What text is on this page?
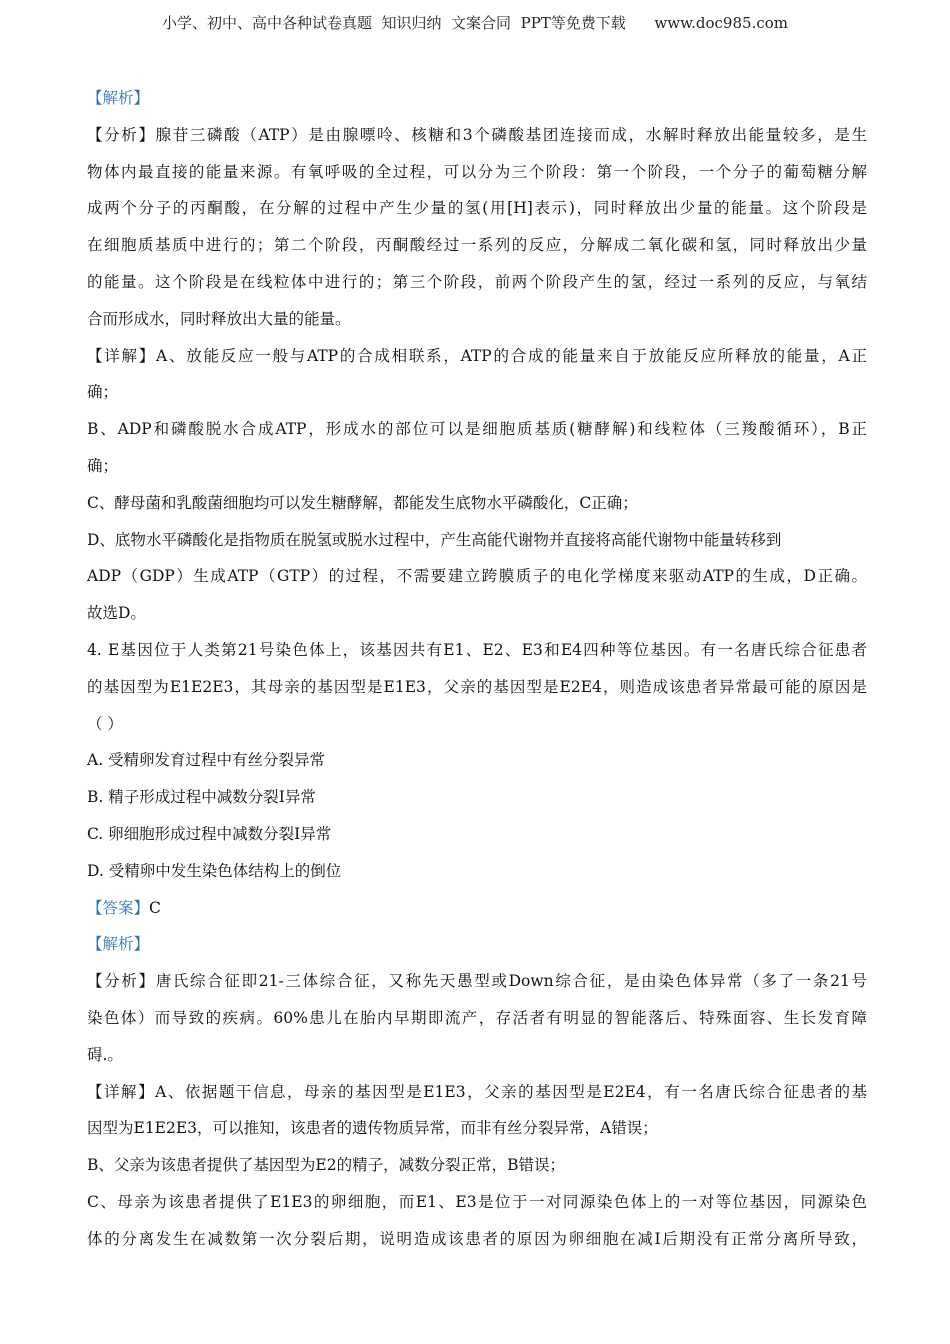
小学、初中、高中各种试卷真题  知识归纳  文案合同  PPT等免费下载      www.doc985.com
【解析】
【分析】腺苷三磷酸（ATP）是由腺嘌呤、核糖和3个磷酸基团连接而成，水解时释放出能量较多，是生
物体内最直接的能量来源。有氧呼吸的全过程，可以分为三个阶段：第一个阶段，一个分子的葡萄糖分解
成两个分子的丙酮酸，在分解的过程中产生少量的氢(用[H]表示)，同时释放出少量的能量。这个阶段是
在细胞质基质中进行的；第二个阶段，丙酮酸经过一系列的反应，分解成二氧化碳和氢，同时释放出少量
的能量。这个阶段是在线粒体中进行的；第三个阶段，前两个阶段产生的氢，经过一系列的反应，与氧结
合而形成水，同时释放出大量的能量。
【详解】A、放能反应一般与ATP的合成相联系，ATP的合成的能量来自于放能反应所释放的能量，A正
确；
B、ADP和磷酸脱水合成ATP，形成水的部位可以是细胞质基质(糖酵解)和线粒体（三羧酸循环），B正
确；
C、酵母菌和乳酸菌细胞均可以发生糖酵解，都能发生底物水平磷酸化，C正确；
D、底物水平磷酸化是指物质在脱氢或脱水过程中，产生高能代谢物并直接将高能代谢物中能量转移到
ADP（GDP）生成ATP（GTP）的过程，不需要建立跨膜质子的电化学梯度来驱动ATP的生成，D正确。
故选D。
4. E基因位于人类第21号染色体上，该基因共有E1、E2、E3和E4四种等位基因。有一名唐氏综合征患者
的基因型为E1E2E3，其母亲的基因型是E1E3，父亲的基因型是E2E4，则造成该患者异常最可能的原因是
（ ）
A. 受精卵发育过程中有丝分裂异常
B. 精子形成过程中减数分裂Ⅰ异常
C. 卵细胞形成过程中减数分裂Ⅰ异常
D. 受精卵中发生染色体结构上的倒位
【答案】C
【解析】
【分析】唐氏综合征即21-三体综合征，又称先天愚型或Down综合征，是由染色体异常（多了一条21号
染色体）而导致的疾病。60%患儿在胎内早期即流产，存活者有明显的智能落后、特殊面容、生长发育障
碍.。
【详解】A、依据题干信息，母亲的基因型是E1E3，父亲的基因型是E2E4，有一名唐氏综合征患者的基
因型为E1E2E3，可以推知，该患者的遗传物质异常，而非有丝分裂异常，A错误；
B、父亲为该患者提供了基因型为E2的精子，减数分裂正常，B错误；
C、母亲为该患者提供了E1E3的卵细胞，而E1、E3是位于一对同源染色体上的一对等位基因，同源染色
体的分离发生在减数第一次分裂后期，说明造成该患者的原因为卵细胞在减Ⅰ后期没有正常分离所导致，
